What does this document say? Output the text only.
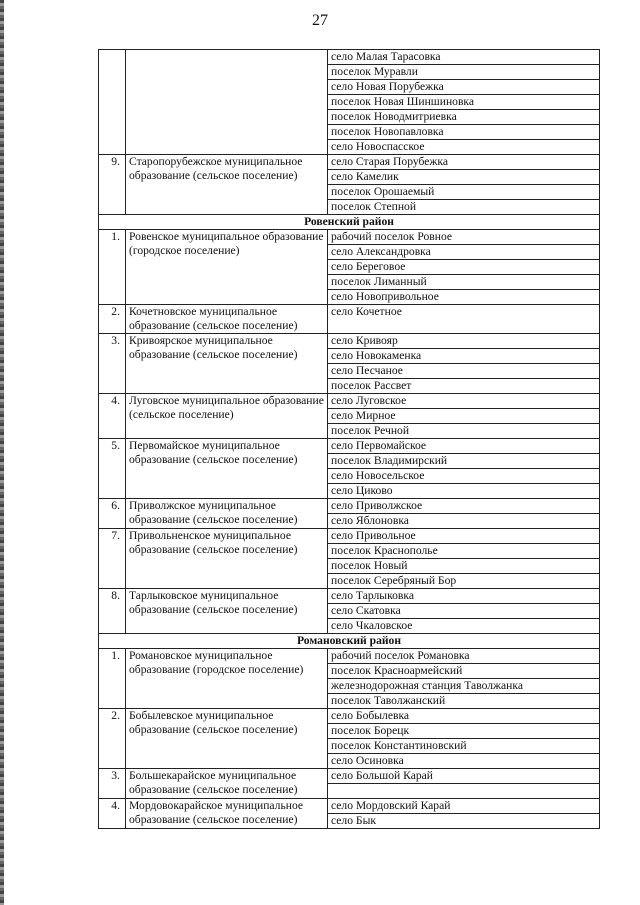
27
		село Малая Тарасовка
		поселок Муравли
		село Новая Порубежка
		поселок Новая Шиншиновка
		поселок Новодмитриевка
		поселок Новопавловка
		село Новоспасское
9.	Старопорубежское муниципальное образование (сельское поселение)	село Старая Порубежка
		село Камелик
		поселок Орошаемый
		поселок Степной
Ровенский район		
1.	Ровенское муниципальное образование (городское поселение)	рабочий поселок Ровное
		село Александровка
		село Береговое
		поселок Лиманный
		село Новопривольное
2.	Кочетновское муниципальное образование (сельское поселение)	село Кочетное
3.	Кривоярское муниципальное образование (сельское поселение)	село Кривояр
		село Новокаменка
		село Песчаное
		поселок Рассвет
4.	Луговское муниципальное образование (сельское поселение)	село Луговское
		село Мирное
		поселок Речной
5.	Первомайское муниципальное образование (сельское поселение)	село Первомайское
		поселок Владимирский
		село Новосельское
		село Циково
6.	Приволжское муниципальное образование (сельское поселение)	село Приволжское
		село Яблоновка
7.	Привольненское муниципальное образование (сельское поселение)	село Привольное
		поселок Краснополье
		поселок Новый
		поселок Серебряный Бор
8.	Тарлыковское муниципальное образование (сельское поселение)	село Тарлыковка
		село Скатовка
		село Чкаловское
Романовский район		
1.	Романовское муниципальное образование (городское поселение)	рабочий поселок Романовка
		поселок Красноармейский
		железнодорожная станция Таволжанка
		поселок Таволжанский
2.	Бобылевское муниципальное образование (сельское поселение)	село Бобылевка
		поселок Борецк
		поселок Константиновский
		село Осиновка
3.	Большекарайское муниципальное образование (сельское поселение)	село Большой Карай

4.	Мордовокарайское муниципальное образование (сельское поселение)	село Мордовский Карай
		село Бык
